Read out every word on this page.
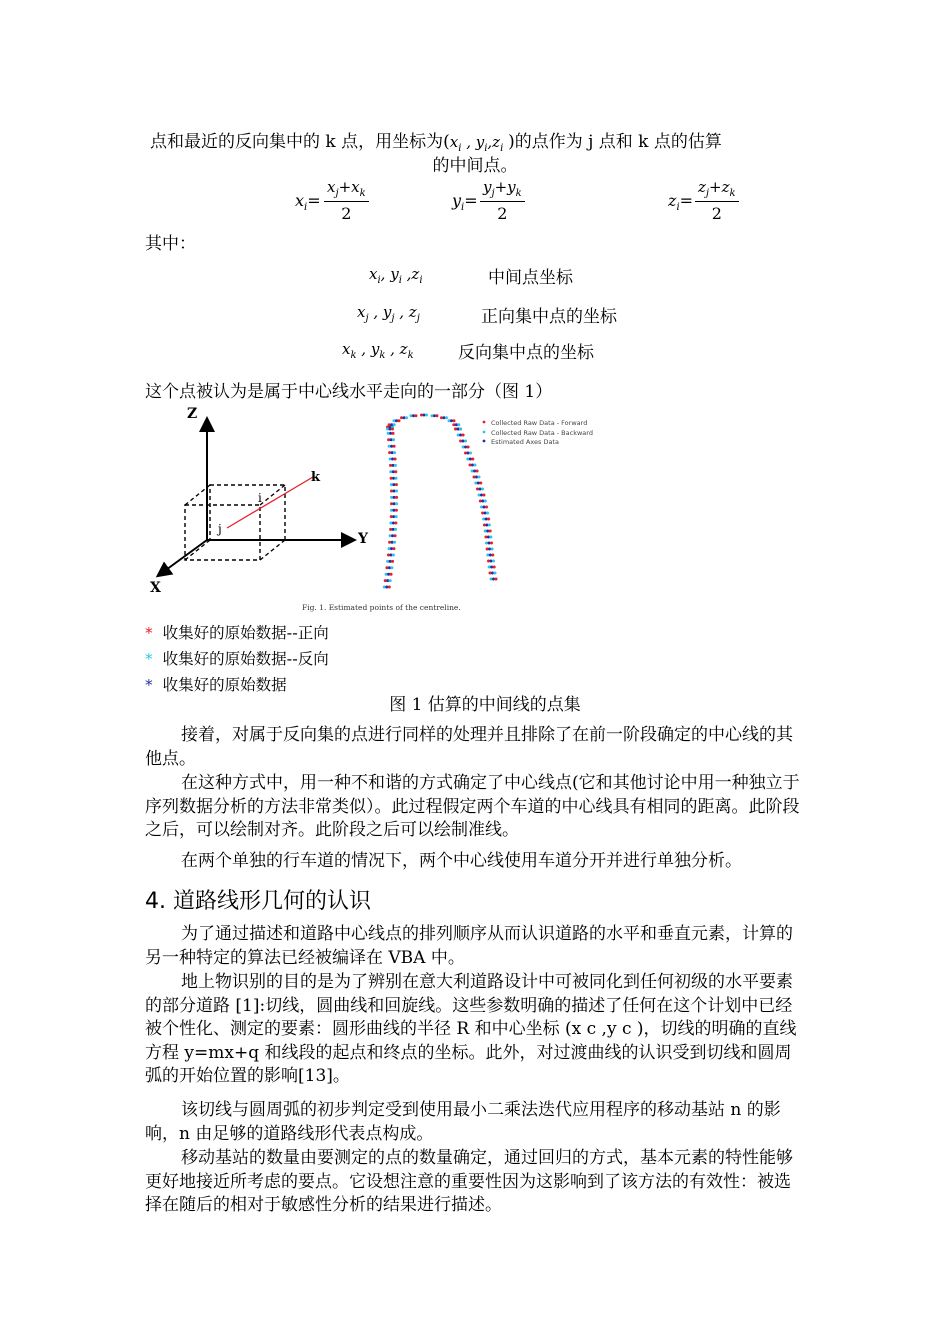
点和最近的反向集中的 k 点，用坐标为($x_i$ , $y_i,z_i$ )的点作为 j 点和 k 点的估算
的中间点。
$x_i= \frac{x_j+x_k}{2}$	$y_i= \frac{y_j+y_k}{2}$	$z_i= \frac{z_j+z_k}{2}$
其中：
$x_i$, $y_i$ $,z_i$	中间点坐标
$x_j$ , $y_j$ , $z_j$	正向集中点的坐标
$x_k$ , $y_k$ , $z_k$	反向集中点的坐标
这个点被认为是属于中心线水平走向的一部分（图 1）
Z
Y
X
i
j
k
Collected Raw Data - Forward
Collected Raw Data - Backward
Estimated Axes Data
Fig. 1. Estimated points of the centreline.
* 收集好的原始数据--正向
* 收集好的原始数据--反向
* 收集好的原始数据
图 1 估算的中间线的点集

接着，对属于反向集的点进行同样的处理并且排除了在前一阶段确定的中心线的其他点。

在这种方式中，用一种不和谐的方式确定了中心线点(它和其他讨论中用一种独立于序列数据分析的方法非常类似）。此过程假定两个车道的中心线具有相同的距离。此阶段之后，可以绘制对齐。此阶段之后可以绘制准线。

在两个单独的行车道的情况下，两个中心线使用车道分开并进行单独分析。

4. 道路线形几何的认识

为了通过描述和道路中心线点的排列顺序从而认识道路的水平和垂直元素，计算的另一种特定的算法已经被编译在 VBA 中。

地上物识别的目的是为了辨别在意大利道路设计中可被同化到任何初级的水平要素的部分道路 [1]:切线，圆曲线和回旋线。这些参数明确的描述了任何在这个计划中已经被个性化、测定的要素：圆形曲线的半径 R 和中心坐标 (x c ,y c )，切线的明确的直线方程 y=mx+q 和线段的起点和终点的坐标。此外，对过渡曲线的认识受到切线和圆周弧的开始位置的影响[13]。

该切线与圆周弧的初步判定受到使用最小二乘法迭代应用程序的移动基站 n 的影响，n 由足够的道路线形代表点构成。

移动基站的数量由要测定的点的数量确定，通过回归的方式，基本元素的特性能够更好地接近所考虑的要点。它设想注意的重要性因为这影响到了该方法的有效性：被选择在随后的相对于敏感性分析的结果进行描述。
